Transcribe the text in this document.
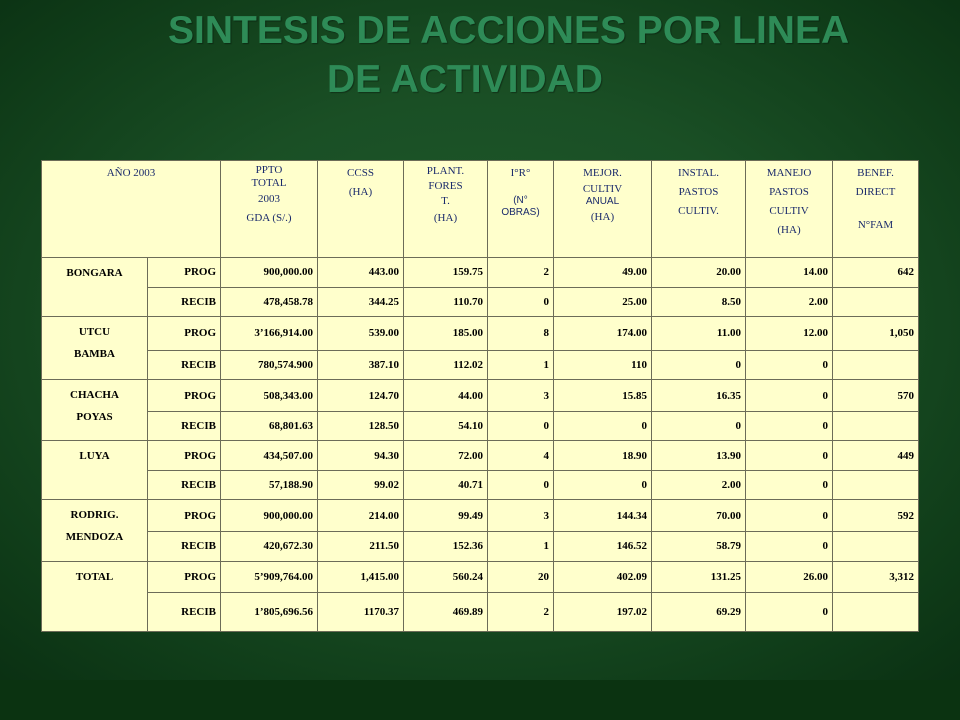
SINTESIS DE ACCIONES POR LINEA
DE ACTIVIDAD
AÑO 2003		PPTO
TOTAL
2003
GDA (S/.)	CCSS
(HA)	PLANT.
FORES
T.
(HA)	I°R°
(N°
OBRAS)	MEJOR.
CULTIV
ANUAL
(HA)	INSTAL.
PASTOS
CULTIV.	MANEJO
PASTOS
CULTIV
(HA)	BENEF.
DIRECT
N°FAM

BONGARA	PROG	900,000.00	443.00	159.75	2	49.00	20.00	14.00	642
	RECIB	478,458.78	344.25	110.70	0	25.00	8.50	2.00	

UTCU
BAMBA	PROG	3’166,914.00	539.00	185.00	8	174.00	11.00	12.00	1,050
	RECIB	780,574.900	387.10	112.02	1	110	0	0	

CHACHA
POYAS	PROG	508,343.00	124.70	44.00	3	15.85	16.35	0	570
	RECIB	68,801.63	128.50	54.10	0	0	0	0	

LUYA	PROG	434,507.00	94.30	72.00	4	18.90	13.90	0	449
	RECIB	57,188.90	99.02	40.71	0	0	2.00	0	

RODRIG.
MENDOZA	PROG	900,000.00	214.00	99.49	3	144.34	70.00	0	592
	RECIB	420,672.30	211.50	152.36	1	146.52	58.79	0	

TOTAL	PROG	5’909,764.00	1,415.00	560.24	20	402.09	131.25	26.00	3,312
	RECIB	1’805,696.56	1170.37	469.89	2	197.02	69.29	0	
